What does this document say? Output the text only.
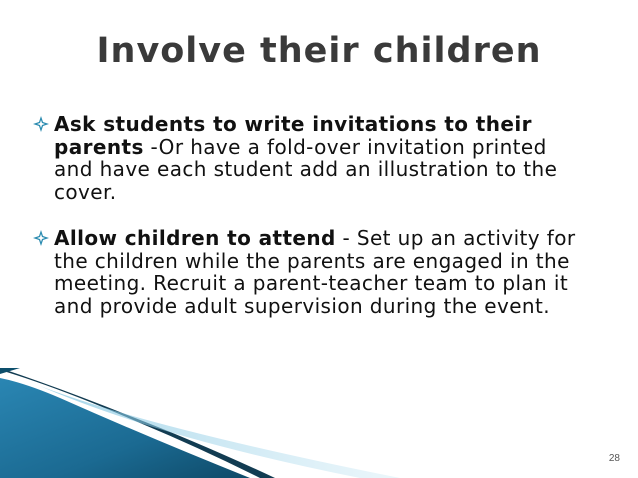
Involve their children
Ask students to write invitations to their parents -Or have a fold-over invitation printed and have each student add an illustration to the cover.
Allow children to attend - Set up an activity for the children while the parents are engaged in the meeting. Recruit a parent-teacher team to plan it and provide adult supervision during the event.
28
